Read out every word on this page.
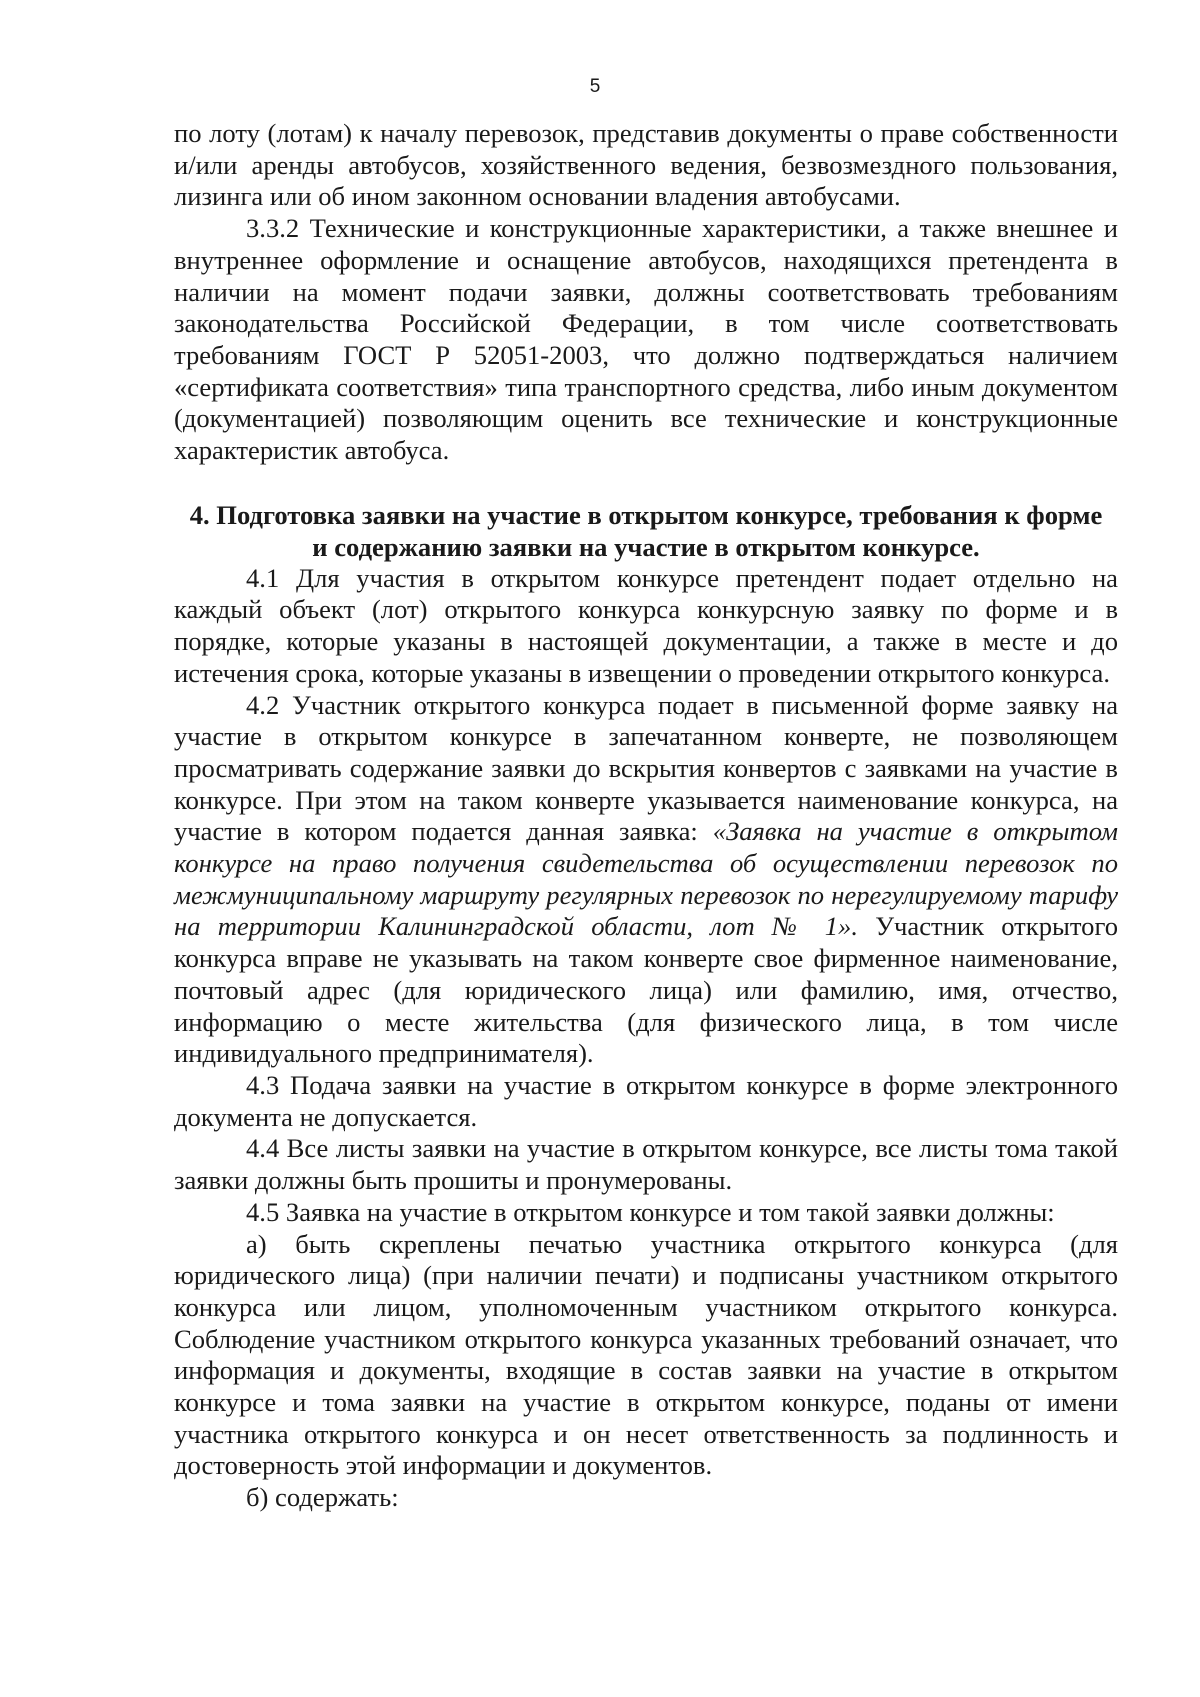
5

по лоту (лотам) к началу перевозок, представив документы о праве собственности и/или аренды автобусов, хозяйственного ведения, безвозмездного пользования, лизинга или об ином законном основании владения автобусами.

3.3.2 Технические и конструкционные характеристики, а также внешнее и внутреннее оформление и оснащение автобусов, находящихся претендента в наличии на момент подачи заявки, должны соответствовать требованиям законодательства Российской Федерации, в том числе соответствовать требованиям ГОСТ Р 52051-2003, что должно подтверждаться наличием «сертификата соответствия» типа транспортного средства, либо иным документом (документацией) позволяющим оценить все технические и конструкционные характеристик автобуса.

4. Подготовка заявки на участие в открытом конкурсе, требования к форме
и содержанию заявки на участие в открытом конкурсе.

4.1 Для участия в открытом конкурсе претендент подает отдельно на каждый объект (лот) открытого конкурса конкурсную заявку по форме и в порядке, которые указаны в настоящей документации, а также в месте и до истечения срока, которые указаны в извещении о проведении открытого конкурса.

4.2 Участник открытого конкурса подает в письменной форме заявку на участие в открытом конкурсе в запечатанном конверте, не позволяющем просматривать содержание заявки до вскрытия конвертов с заявками на участие в конкурсе. При этом на таком конверте указывается наименование конкурса, на участие в котором подается данная заявка: «Заявка на участие в открытом конкурсе на право получения свидетельства об осуществлении перевозок по межмуниципальному маршруту регулярных перевозок по нерегулируемому тарифу на территории Калининградской области, лот № 1». Участник открытого конкурса вправе не указывать на таком конверте свое фирменное наименование, почтовый адрес (для юридического лица) или фамилию, имя, отчество, информацию о месте жительства (для физического лица, в том числе индивидуального предпринимателя).

4.3 Подача заявки на участие в открытом конкурсе в форме электронного документа не допускается.

4.4 Все листы заявки на участие в открытом конкурсе, все листы тома такой заявки должны быть прошиты и пронумерованы.

4.5 Заявка на участие в открытом конкурсе и том такой заявки должны:

а) быть скреплены печатью участника открытого конкурса (для юридического лица) (при наличии печати) и подписаны участником открытого конкурса или лицом, уполномоченным участником открытого конкурса. Соблюдение участником открытого конкурса указанных требований означает, что информация и документы, входящие в состав заявки на участие в открытом конкурсе и тома заявки на участие в открытом конкурсе, поданы от имени участника открытого конкурса и он несет ответственность за подлинность и достоверность этой информации и документов.

б) содержать:
